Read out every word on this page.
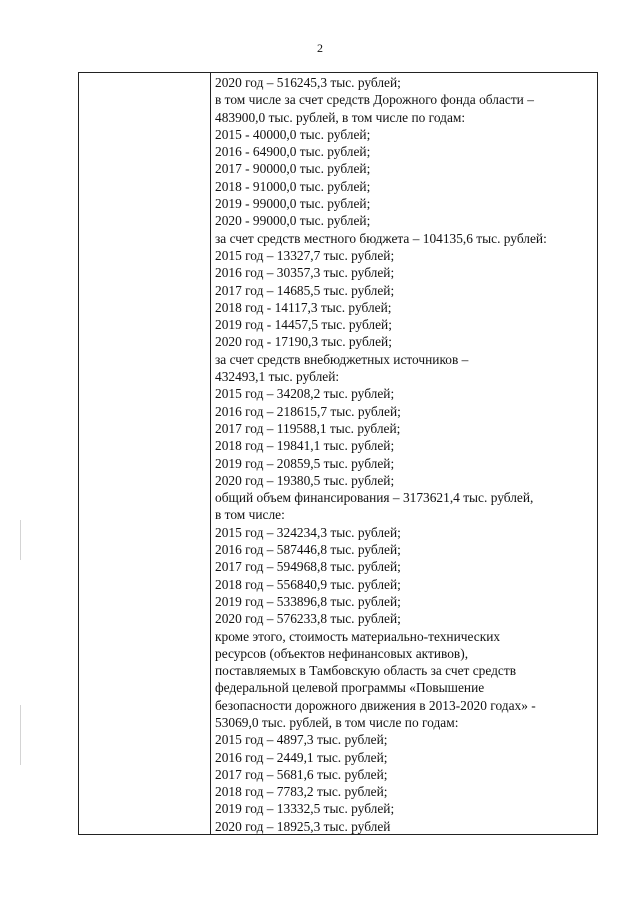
2
2020 год – 516245,3 тыс. рублей;
в том числе за счет средств Дорожного фонда области –
483900,0 тыс. рублей, в том числе по годам:
2015 - 40000,0 тыс. рублей;
2016 - 64900,0 тыс. рублей;
2017 - 90000,0 тыс. рублей;
2018 - 91000,0 тыс. рублей;
2019 - 99000,0 тыс. рублей;
2020 - 99000,0 тыс. рублей;
за счет средств местного бюджета – 104135,6 тыс. рублей:
2015 год – 13327,7 тыс. рублей;
2016 год – 30357,3 тыс. рублей;
2017 год – 14685,5 тыс. рублей;
2018 год - 14117,3 тыс. рублей;
2019 год - 14457,5 тыс. рублей;
2020 год - 17190,3 тыс. рублей;
за счет средств внебюджетных источников –
432493,1 тыс. рублей:
2015 год – 34208,2 тыс. рублей;
2016 год – 218615,7 тыс. рублей;
2017 год – 119588,1 тыс. рублей;
2018 год – 19841,1 тыс. рублей;
2019 год – 20859,5 тыс. рублей;
2020 год – 19380,5 тыс. рублей;
общий объем финансирования – 3173621,4 тыс. рублей,
в том числе:
2015 год – 324234,3 тыс. рублей;
2016 год – 587446,8 тыс. рублей;
2017 год – 594968,8 тыс. рублей;
2018 год – 556840,9 тыс. рублей;
2019 год – 533896,8 тыс. рублей;
2020 год – 576233,8 тыс. рублей;
кроме этого, стоимость материально-технических
ресурсов (объектов нефинансовых активов),
поставляемых в Тамбовскую область за счет средств
федеральной целевой программы «Повышение
безопасности дорожного движения в 2013-2020 годах» -
53069,0 тыс. рублей, в том числе по годам:
2015 год – 4897,3 тыс. рублей;
2016 год – 2449,1 тыс. рублей;
2017 год – 5681,6 тыс. рублей;
2018 год – 7783,2 тыс. рублей;
2019 год – 13332,5 тыс. рублей;
2020 год – 18925,3 тыс. рублей
